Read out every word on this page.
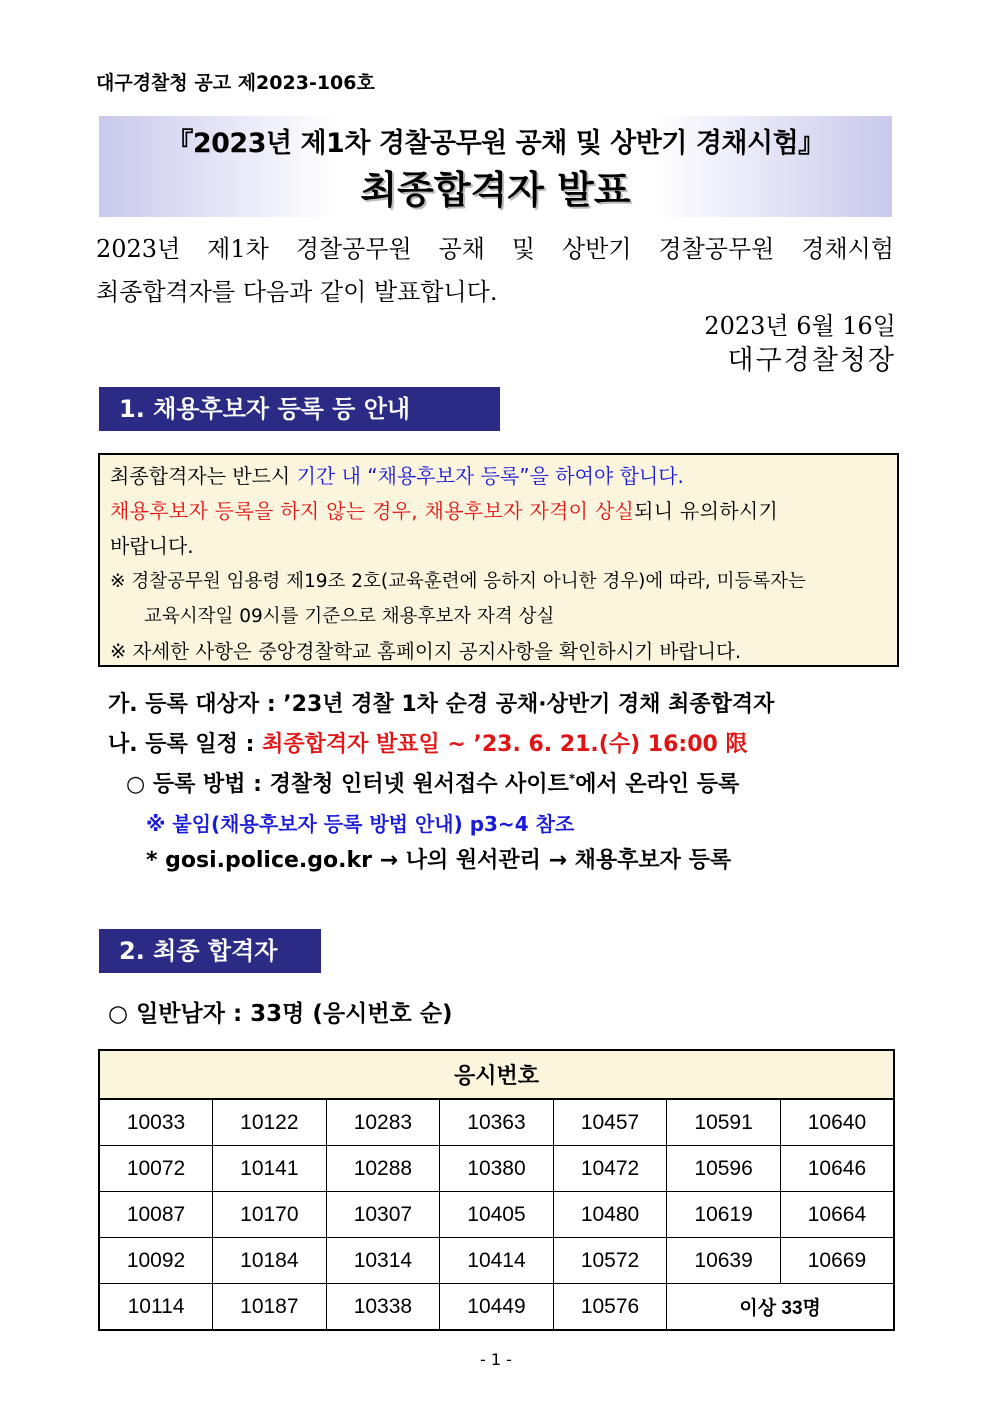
대구경찰청 공고 제2023-106호
『2023년 제1차 경찰공무원 공채 및 상반기 경채시험』
최종합격자 발표
2023년 제1차 경찰공무원 공채 및 상반기 경찰공무원 경채시험
최종합격자를 다음과 같이 발표합니다.
2023년 6월 16일
대구경찰청장
1. 채용후보자 등록 등 안내
최종합격자는 반드시 기간 내 “채용후보자 등록”을 하여야 합니다.
채용후보자 등록을 하지 않는 경우, 채용후보자 자격이 상실되니 유의하시기
바랍니다.
※ 경찰공무원 임용령 제19조 2호(교육훈련에 응하지 아니한 경우)에 따라, 미등록자는
교육시작일 09시를 기준으로 채용후보자 자격 상실
※ 자세한 사항은 중앙경찰학교 홈페이지 공지사항을 확인하시기 바랍니다.
가. 등록 대상자 : ’23년 경찰 1차 순경 공채·상반기 경채 최종합격자
나. 등록 일정 : 최종합격자 발표일 ~ ’23. 6. 21.(수) 16:00 限
○ 등록 방법 : 경찰청 인터넷 원서접수 사이트*에서 온라인 등록
※ 붙임(채용후보자 등록 방법 안내) p3~4 참조
* gosi.police.go.kr → 나의 원서관리 → 채용후보자 등록
2. 최종 합격자
○ 일반남자 : 33명 (응시번호 순)
응시번호						
10033	10122	10283	10363	10457	10591	10640
10072	10141	10288	10380	10472	10596	10646
10087	10170	10307	10405	10480	10619	10664
10092	10184	10314	10414	10572	10639	10669
10114	10187	10338	10449	10576	이상 33명	
- 1 -
